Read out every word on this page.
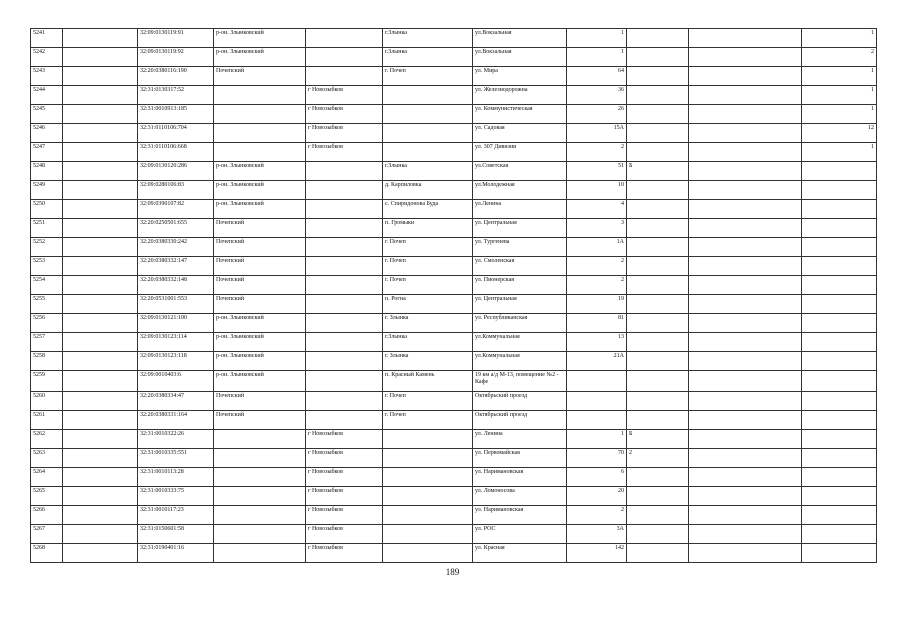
5241		32:09:0130119:91	р-он. Злынковский		г.Злынка	ул.Вокзальная	1			1
5242		32:09:0130119:92	р-он. Злынковский		г.Злынка	ул.Вокзальная	1			2
5243		32:20:0380116:190	Почепский		г. Почеп	ул. Мира	64			1
5244		32:31:0130317:52		г Новозыбков		ул. Железнодорожна	36			1
5245		32:31:0010913:185		г Новозыбков		ул. Коммунистическая	26			1
5246		32:31:0110106:704		г Новозыбков		ул. Садовая	15А			12
5247		32:31:0110106:668		г Новозыбков		ул. 307 Дивизии	2			1
5248		32:09:0130120:286	р-он. Злынковский		г.Злынка	ул.Советская	51	Б		
5249		32:09:0280106:83	р-он. Злынковский		д. Карпиловка	ул.Молодежная	10			
5250		32:09:0390107:82	р-он. Злынковский		с. Спиридонова Буда	ул.Ленина	4			
5251		32:20:0250501:655	Почепский		п. Громыки	ул. Центральная	3			
5252		32:20:0380330:242	Почепский		г. Почеп	ул. Тургенева	1А			
5253		32:20:0380332:147	Почепский		г. Почеп	ул. Смоленская	2			
5254		32:20:0380332:148	Почепский		г. Почеп	ул. Пионерская	2			
5255		32:20:0531001:553	Почепский		п. Рогна	ул. Центральная	19			
5256		32:09:0130121:100	р-он. Злынковский		г. Злынка	ул. Республиканская	81			
5257		32:09:0130123:114	р-он. Злынковский		г.Злынка	ул.Коммунальная	13			
5258		32:09:0130123:118	р-он. Злынковский		г. Злынка	ул.Коммунальная	21А			
5259		32:09:0010403:6	р-он. Злынковский		п. Красный Камень	19 км а/д М-13, помещение №2 - Кафе				
5260		32:20:0380334:47	Почепский		г. Почеп	Октябрьский проезд				
5261		32:20:0380331:164	Почепский		г. Почеп	Октябрьский проезд				
5262		32:31:0010322:26		г Новозыбков		ул. Ленина	1	Б		
5263		32:31:0010335:551		г Новозыбков		ул. Первомайская	70	2		
5264		32:31:0010113:28		г Новозыбков		ул. Наримановская	6			
5265		32:31:0010333:75		г Новозыбков		ул. Ломоносова	20			
5266		32:31:0010117:23		г Новозыбков		ул. Наримановская	2			
5267		32:31:0150601:58		г Новозыбков		ул. РОС	3А			
5268		32:31:0190401:16		г Новозыбков		ул. Красная	142			
189
